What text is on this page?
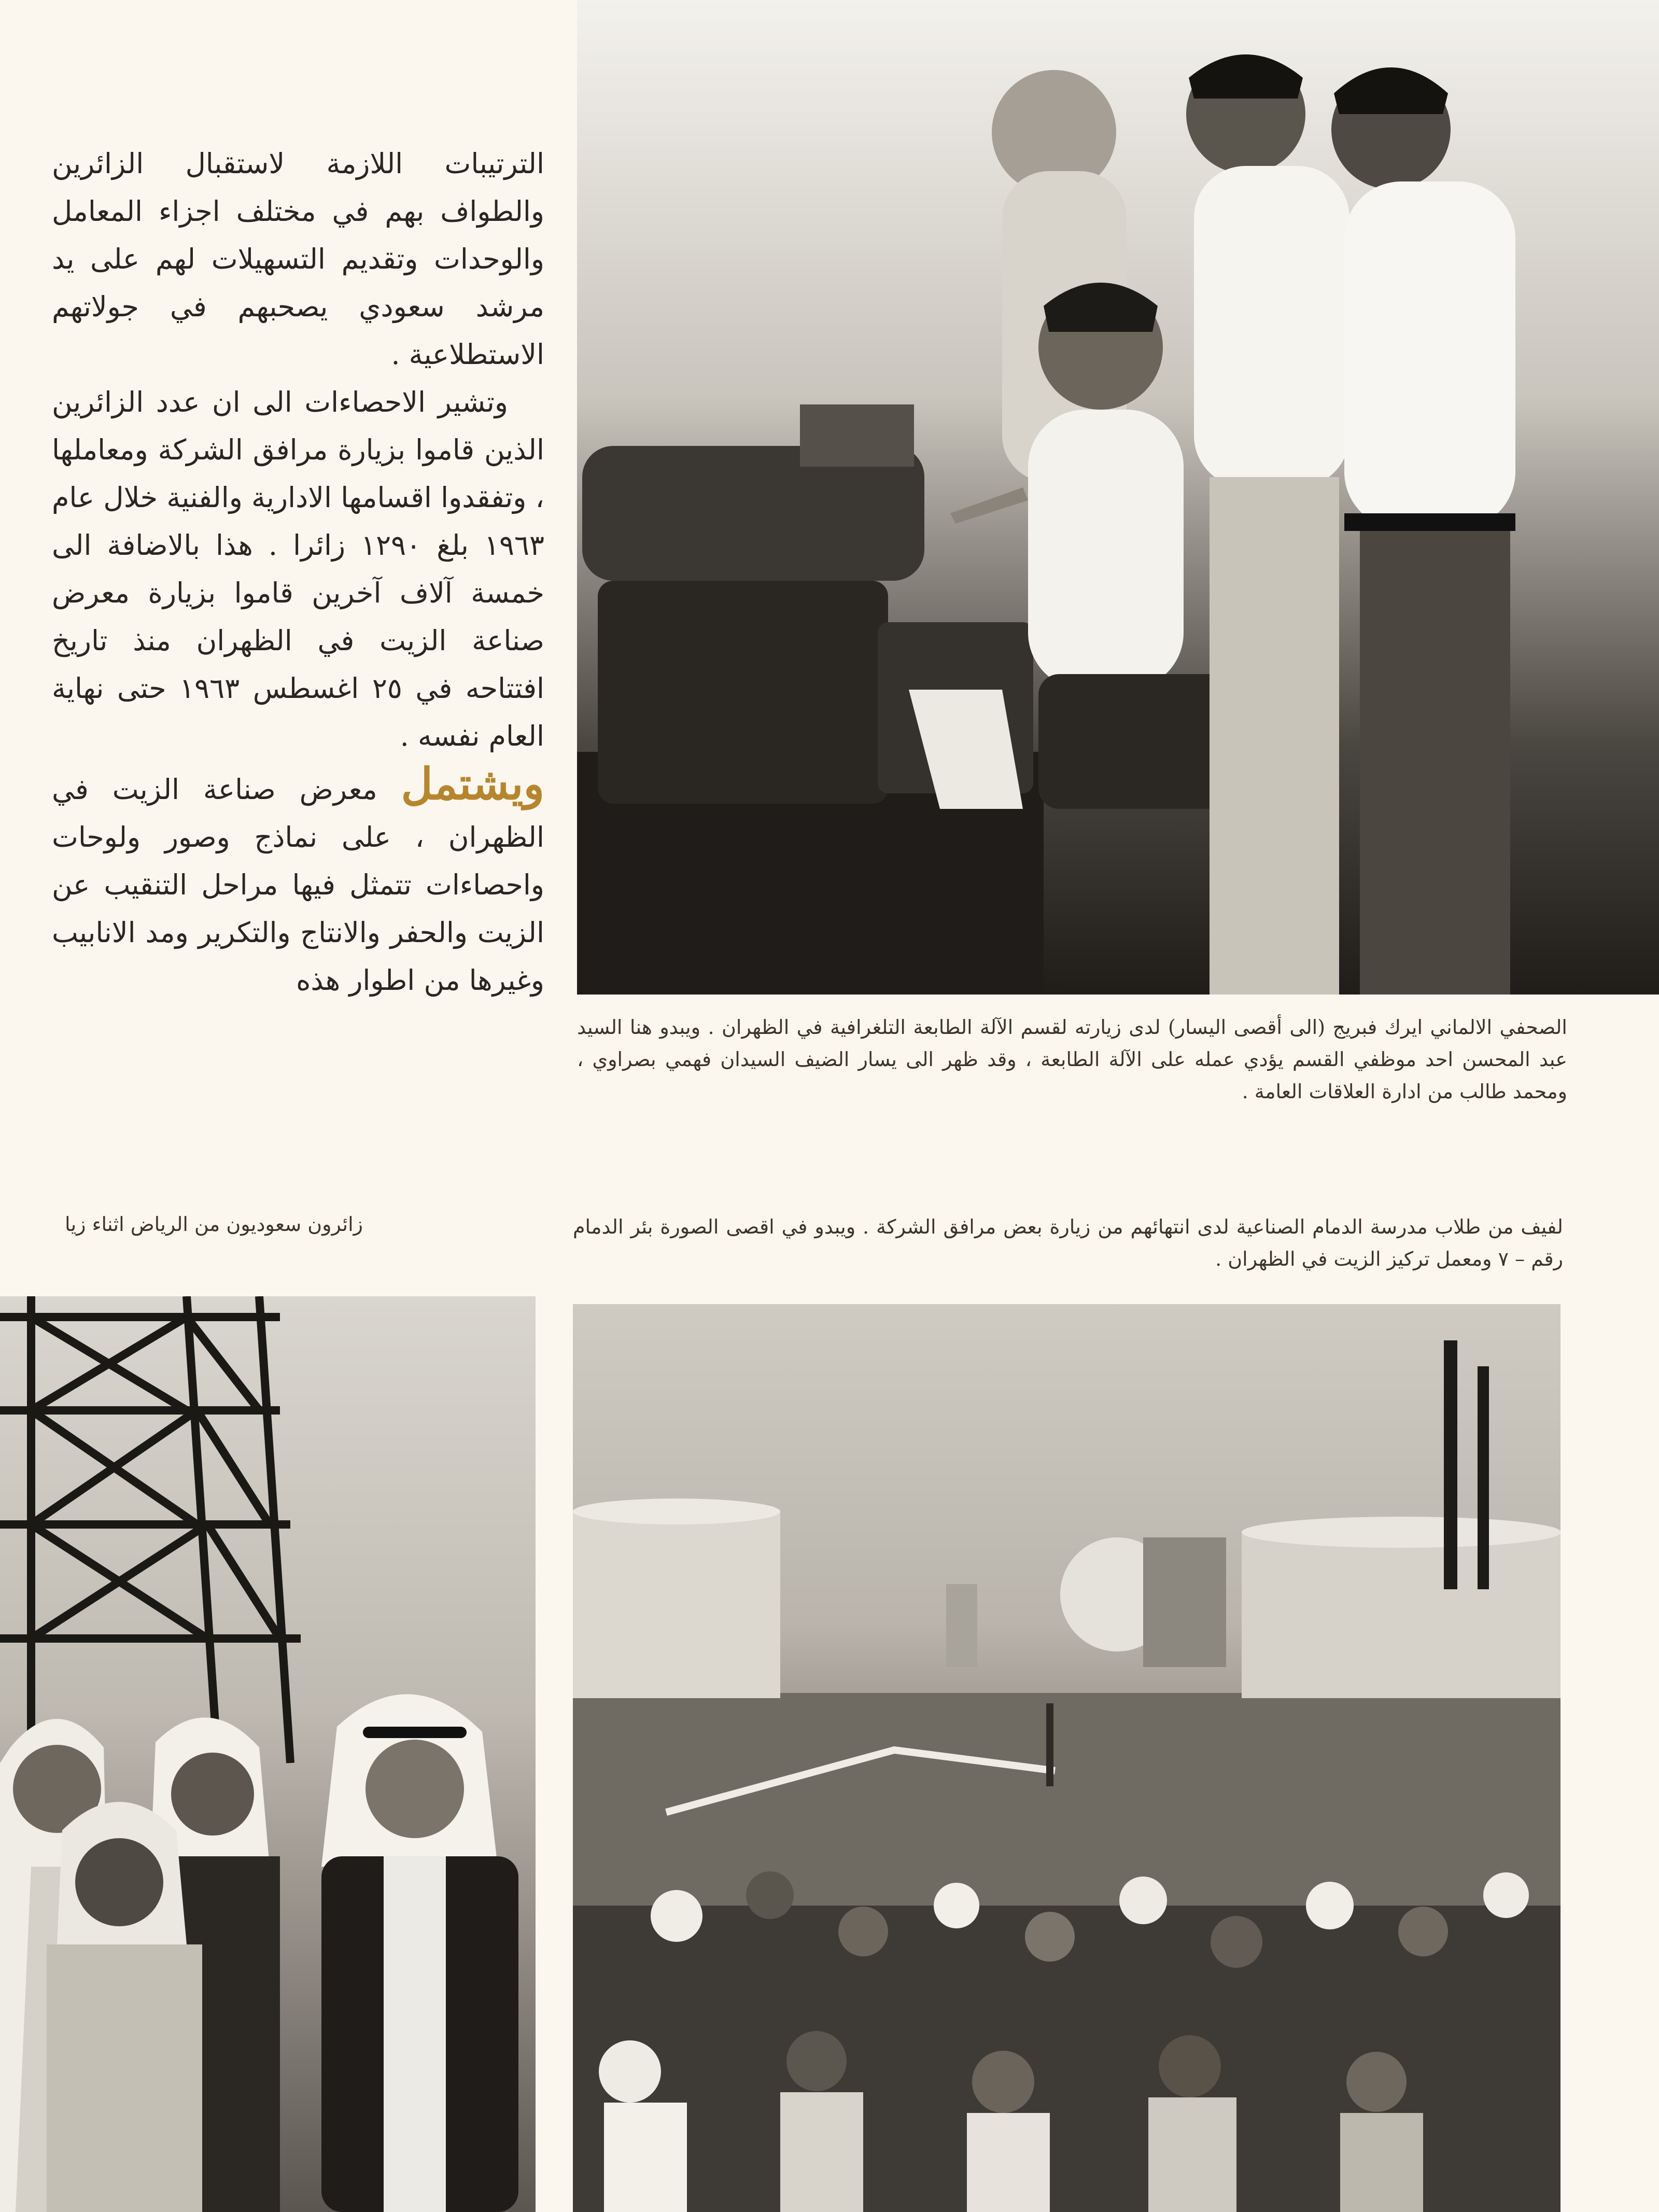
الترتيبات اللازمة لاستقبال الزائرين والطواف بهم في مختلف اجزاء المعامل والوحدات وتقديم التسهيلات لهم على يد مرشد سعودي يصحبهم في جولاتهم الاستطلاعية .

وتشير الاحصاءات الى ان عدد الزائرين الذين قاموا بزيارة مرافق الشركة ومعاملها ، وتفقدوا اقسامها الادارية والفنية خلال عام ١٩٦٣ بلغ ١٢٩٠ زائرا . هذا بالاضافة الى خمسة آلاف آخرين قاموا بزيارة معرض صناعة الزيت في الظهران منذ تاريخ افتتاحه في ٢٥ اغسطس ١٩٦٣ حتى نهاية العام نفسه .

ويشتمل معرض صناعة الزيت في الظهران ، على نماذج وصور ولوحات واحصاءات تتمثل فيها مراحل التنقيب عن الزيت والحفر والانتاج والتكرير ومد الانابيب وغيرها من اطوار هذه

الصحفي الالماني ايرك فبريج (الى أقصى اليسار) لدى زيارته لقسم الآلة الطابعة التلغرافية في الظهران . ويبدو هنا السيد عبد المحسن احد موظفي القسم يؤدي عمله على الآلة الطابعة ، وقد ظهر الى يسار الضيف السيدان فهمي بصراوي ، ومحمد طالب من ادارة العلاقات العامة .
زائرون سعوديون من الرياض اثناء زيا	لفيف من طلاب مدرسة الدمام الصناعية لدى انتهائهم من زيارة بعض مرافق الشركة . ويبدو في اقصى الصورة بئر الدمام رقم – ٧ ومعمل تركيز الزيت في الظهران .
